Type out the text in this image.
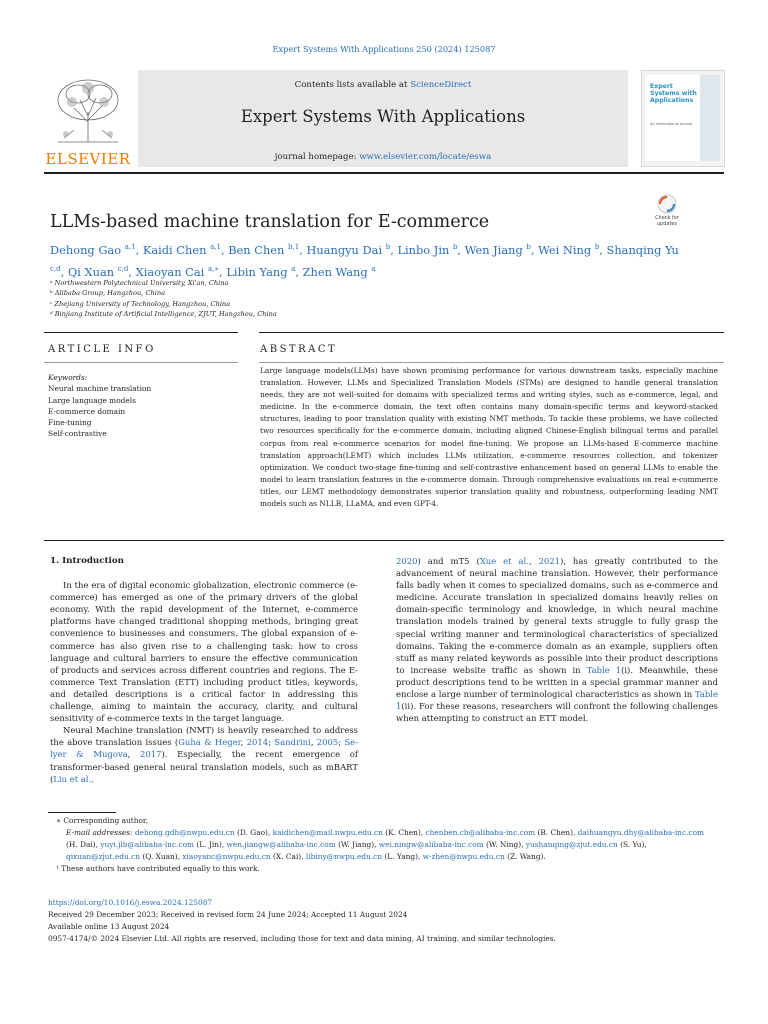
Expert Systems With Applications 250 (2024) 125087
Contents lists available at ScienceDirect
Expert Systems With Applications
journal homepage: www.elsevier.com/locate/eswa
ELSEVIER
Expert Systems with Applications
An International Journal
LLMs-based machine translation for E-commerce	Check for
updates
Dehong Gao $^{a,1}$, Kaidi Chen $^{a,1}$, Ben Chen $^{b,1}$, Huangyu Dai $^b$, Linbo Jin $^b$, Wen Jiang $^b$, Wei Ning $^b$, Shanqing Yu $^{c,d}$, Qi Xuan $^{c,d}$, Xiaoyan Cai $^{a,∗}$, Libin Yang $^a$, Zhen Wang $^a$
ᵃ Northwestern Polytechnical University, Xi'an, China
ᵇ Alibaba Group, Hangzhou, China
ᶜ Zhejiang University of Technology, Hangzhou, China
ᵈ Binjiang Institute of Artificial Intelligence, ZJUT, Hangzhou, China
ARTICLE INFO	ABSTRACT
Keywords:
Neural machine translation
Large language models
E-commerce domain
Fine-tuning
Self-contrastive
Large language models(LLMs) have shown promising performance for various downstream tasks, especially machine translation. However, LLMs and Specialized Translation Models (STMs) are designed to handle general translation needs, they are not well-suited for domains with specialized terms and writing styles, such as e-commerce, legal, and medicine. In the e-commerce domain, the text often contains many domain-specific terms and keyword-stacked structures, leading to poor translation quality with existing NMT methods. To tackle these problems, we have collected two resources specifically for the e-commerce domain, including aligned Chinese-English bilingual terms and parallel corpus from real e-commerce scenarios for model fine-tuning. We propose an LLMs-based E-commerce machine translation approach(LEMT) which includes LLMs utilization, e-commerce resources collection, and tokenizer optimization. We conduct two-stage fine-tuning and self-contrastive enhancement based on general LLMs to enable the model to learn translation features in the e-commerce domain. Through comprehensive evaluations on real e-commerce titles, our LEMT methodology demonstrates superior translation quality and robustness, outperforming leading NMT models such as NLLB, LLaMA, and even GPT-4.
1. Introduction

In the era of digital economic globalization, electronic commerce (e-commerce) has emerged as one of the primary drivers of the global economy. With the rapid development of the Internet, e-commerce platforms have changed traditional shopping methods, bringing great convenience to businesses and consumers. The global expansion of e-commerce has also given rise to a challenging task: how to cross language and cultural barriers to ensure the effective communication of products and services across different countries and regions. The E-commerce Text Translation (ETT) including product titles, keywords, and detailed descriptions is a critical factor in addressing this challenge, aiming to maintain the accuracy, clarity, and cultural sensitivity of e-commerce texts in the target language.

Neural Machine translation (NMT) is heavily researched to address the above translation issues (Guha & Heger, 2014; Sandrini, 2005; Se-lyer & Mugova, 2017). Especially, the recent emergence of transformer-based general neural translation models, such as mBART (Liu et al.,

2020) and mT5 (Xue et al., 2021), has greatly contributed to the advancement of neural machine translation. However, their performance falls badly when it comes to specialized domains, such as e-commerce and medicine. Accurate translation in specialized domains heavily relies on domain-specific terminology and knowledge, in which neural machine translation models trained by general texts struggle to fully grasp the special writing manner and terminological characteristics of specialized domains. Taking the e-commerce domain as an example, suppliers often stuff as many related keywords as possible into their product descriptions to increase website traffic as shown in Table 1(i). Meanwhile, these product descriptions tend to be written in a special grammar manner and enclose a large number of terminological characteristics as shown in Table 1(ii). For these reasons, researchers will confront the following challenges when attempting to construct an ETT model.

∗ Corresponding author.
E-mail addresses: dehong.gdh@nwpu.edu.cn (D. Gao), kaidichen@mail.nwpu.edu.cn (K. Chen), chenben.cb@alibaba-inc.com (B. Chen), daihuangyu.dhy@alibaba-inc.com (H. Dai), yuyi.jlb@alibaba-inc.com (L. Jin), wen.jiangw@alibaba-inc.com (W. Jiang), wei.ningw@alibaba-inc.com (W. Ning), yushanqing@zjut.edu.cn (S. Yu), qixuan@zjut.edu.cn (Q. Xuan), xiaoyanc@nwpu.edu.cn (X. Cai), libiny@nwpu.edu.cn (L. Yang), w-zhen@nwpu.edu.cn (Z. Wang).
¹ These authors have contributed equally to this work.
https://doi.org/10.1016/j.eswa.2024.125087
Received 29 December 2023; Received in revised form 24 June 2024; Accepted 11 August 2024
Available online 13 August 2024
0957-4174/© 2024 Elsevier Ltd. All rights are reserved, including those for text and data mining, AI training, and similar technologies.
